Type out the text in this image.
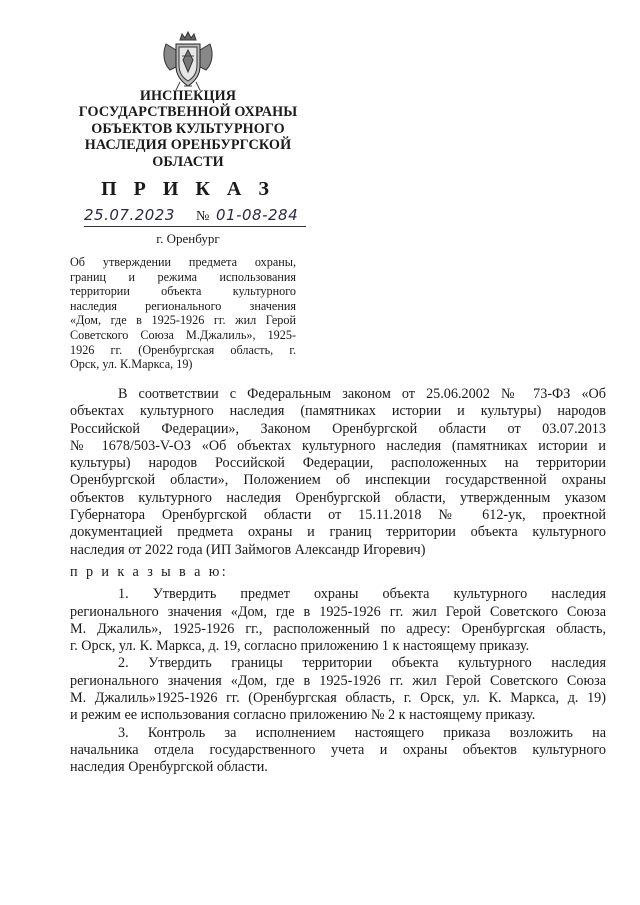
ИНСПЕКЦИЯ
ГОСУДАРСТВЕННОЙ ОХРАНЫ
ОБЪЕКТОВ КУЛЬТУРНОГО
НАСЛЕДИЯ ОРЕНБУРГСКОЙ
ОБЛАСТИ
П Р И К А З
25.07.2023 № 01-08-284
г. Оренбург
Об утверждении предмета охраны,
границ и режима использования
территории объекта культурного
наследия регионального значения
«Дом, где в 1925-1926 гг. жил Герой
Советского Союза М.Джалиль», 1925-
1926 гг. (Оренбургская область, г.
Орск, ул. К.Маркса, 19)
В соответствии с Федеральным законом от 25.06.2002 № 73-ФЗ «Об
объектах культурного наследия (памятниках истории и культуры) народов
Российской Федерации», Законом Оренбургской области от 03.07.2013
№ 1678/503-V-ОЗ «Об объектах культурного наследия (памятниках истории и
культуры) народов Российской Федерации, расположенных на территории
Оренбургской области», Положением об инспекции государственной охраны
объектов культурного наследия Оренбургской области, утвержденным указом
Губернатора Оренбургской области от 15.11.2018 № 612-ук, проектной
документацией предмета охраны и границ территории объекта культурного
наследия от 2022 года (ИП Займогов Александр Игоревич)
п р и к а з ы в а ю:
1. Утвердить предмет охраны объекта культурного наследия
регионального значения «Дом, где в 1925-1926 гг. жил Герой Советского Союза
М. Джалиль», 1925-1926 гг., расположенный по адресу: Оренбургская область,
г. Орск, ул. К. Маркса, д. 19, согласно приложению 1 к настоящему приказу.
2. Утвердить границы территории объекта культурного наследия
регионального значения «Дом, где в 1925-1926 гг. жил Герой Советского Союза
М. Джалиль»1925-1926 гг. (Оренбургская область, г. Орск, ул. К. Маркса, д. 19)
и режим ее использования согласно приложению № 2 к настоящему приказу.
3. Контроль за исполнением настоящего приказа возложить на
начальника отдела государственного учета и охраны объектов культурного
наследия Оренбургской области.
